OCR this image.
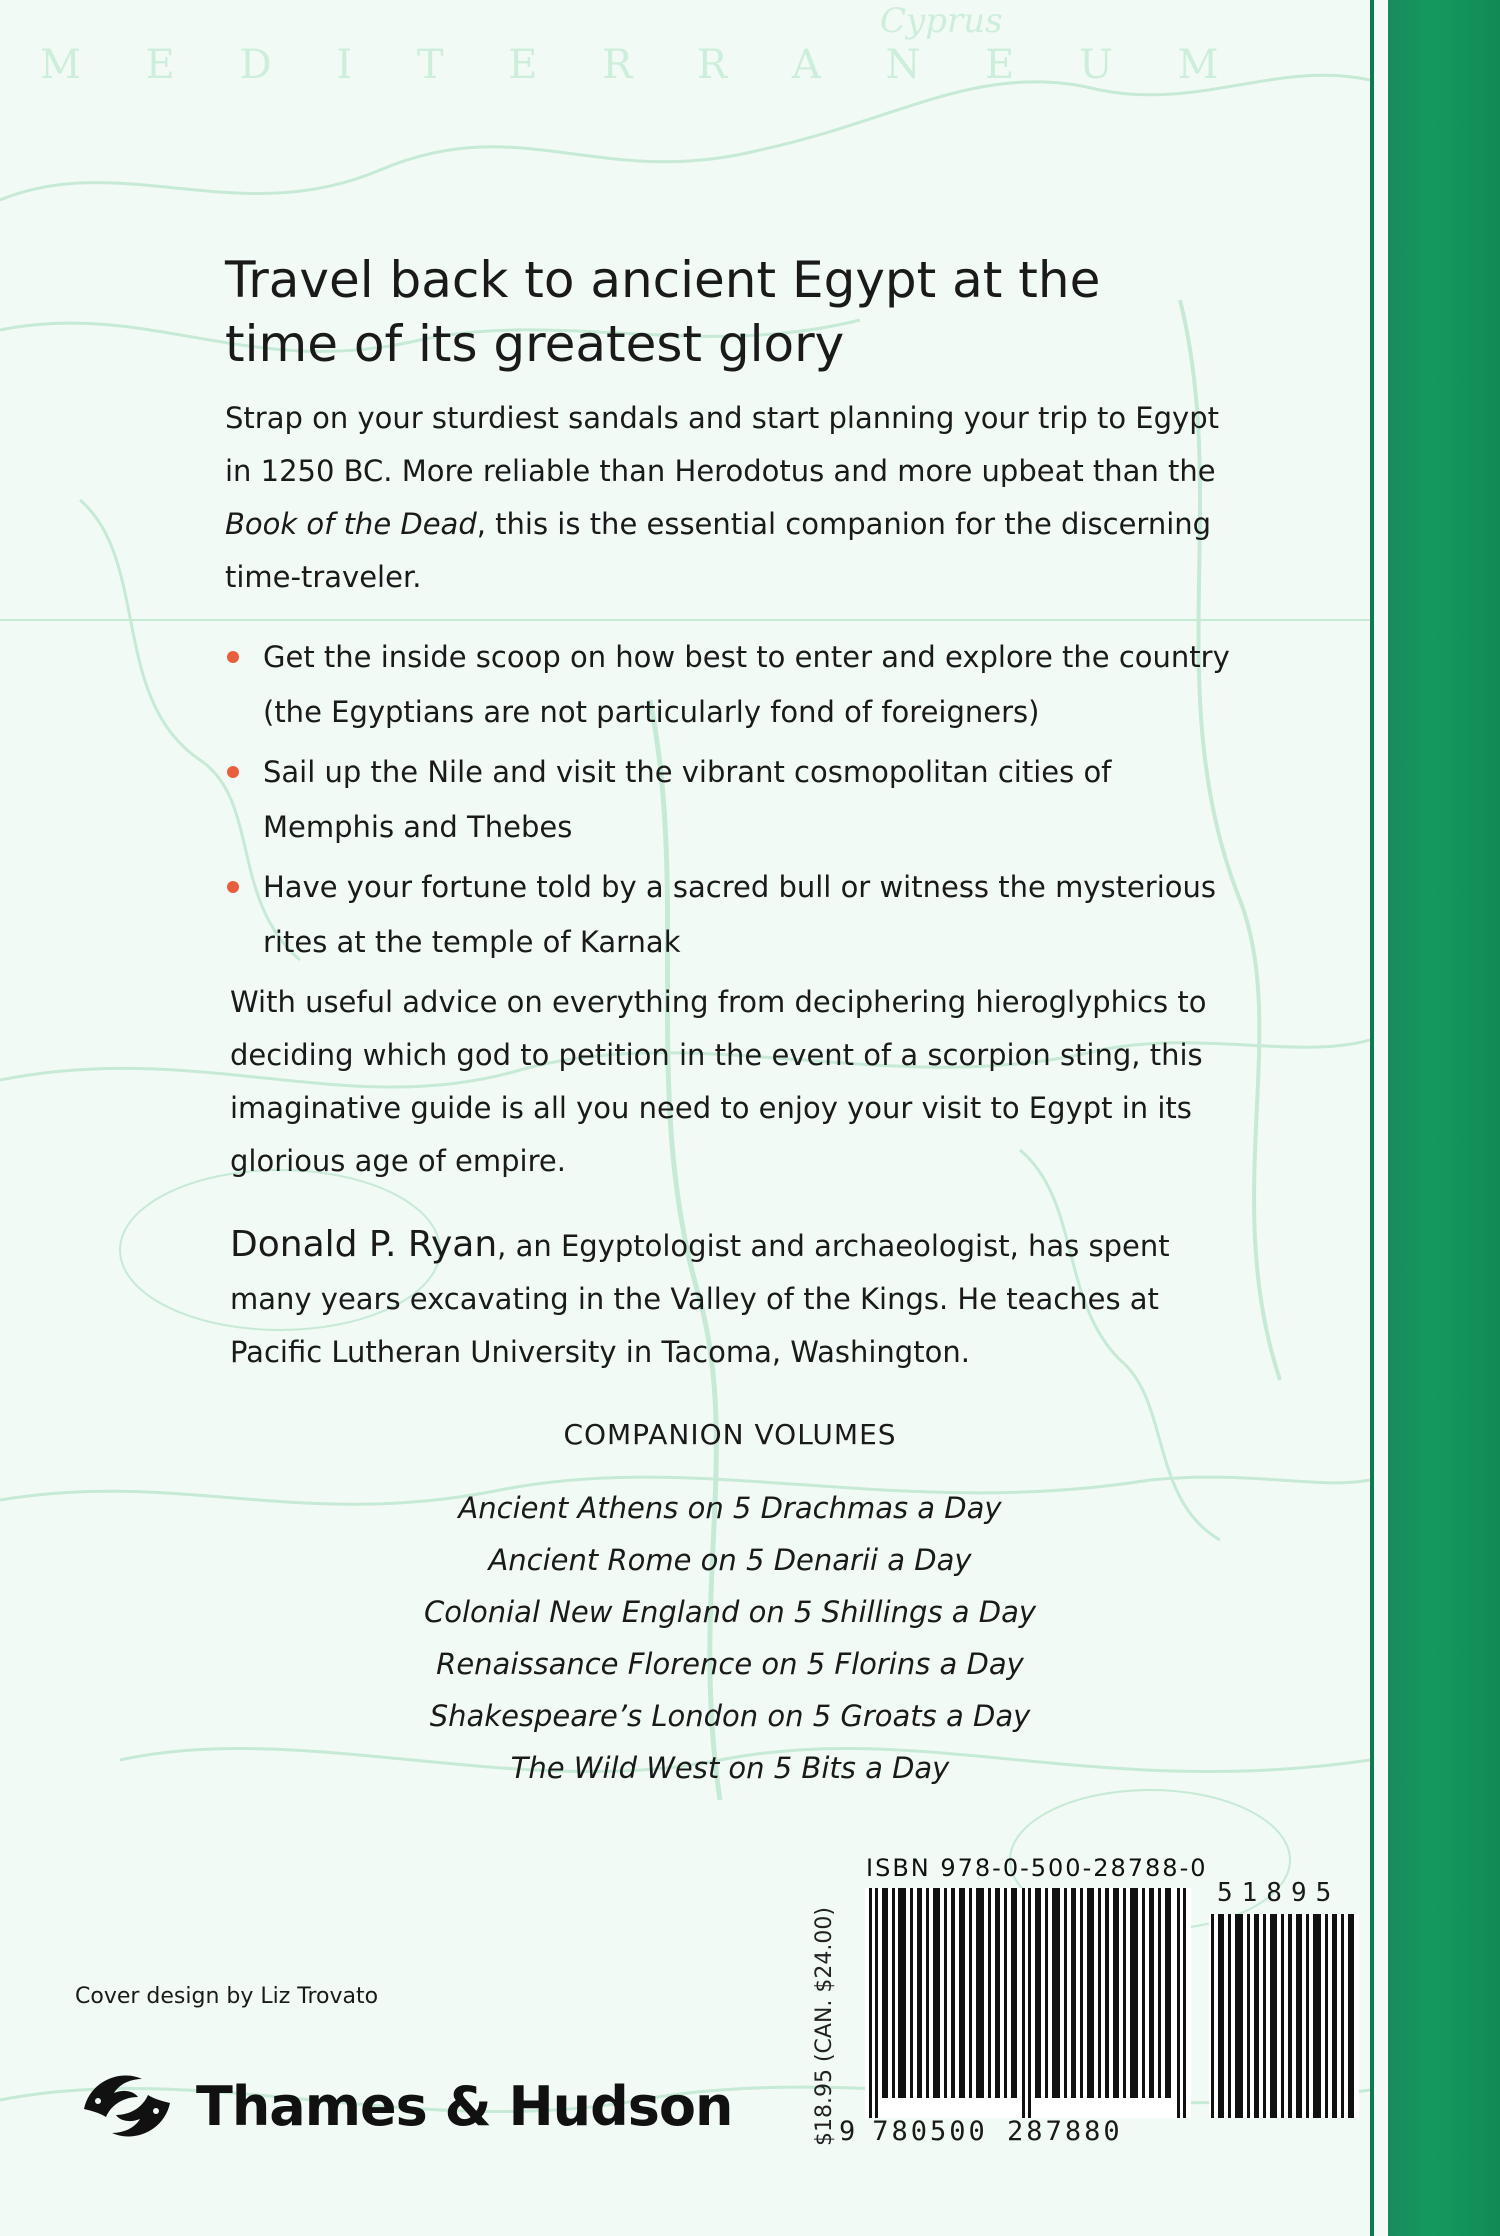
M E D I T E R R A N E U M
Cyprus
Travel back to ancient Egypt at the
time of its greatest glory

Strap on your sturdiest sandals and start planning your trip to Egypt in 1250 BC. More reliable than Herodotus and more upbeat than the Book of the Dead, this is the essential companion for the discerning time-traveler.

Get the inside scoop on how best to enter and explore the country (the Egyptians are not particularly fond of foreigners)
Sail up the Nile and visit the vibrant cosmopolitan cities of Memphis and Thebes
Have your fortune told by a sacred bull or witness the mysterious rites at the temple of Karnak

With useful advice on everything from deciphering hieroglyphics to deciding which god to petition in the event of a scorpion sting, this imaginative guide is all you need to enjoy your visit to Egypt in its glorious age of empire.

Donald P. Ryan, an Egyptologist and archaeologist, has spent many years excavating in the Valley of the Kings. He teaches at Pacific Lutheran University in Tacoma, Washington.

COMPANION VOLUMES
Ancient Athens on 5 Drachmas a Day
Ancient Rome on 5 Denarii a Day
Colonial New England on 5 Shillings a Day
Renaissance Florence on 5 Florins a Day
Shakespeare’s London on 5 Groats a Day
The Wild West on 5 Bits a Day
Cover design by Liz Trovato
Thames & Hudson	$18.95 (CAN. $24.00)
ISBN 978-0-500-28788-0
51895
9 780500 287880
